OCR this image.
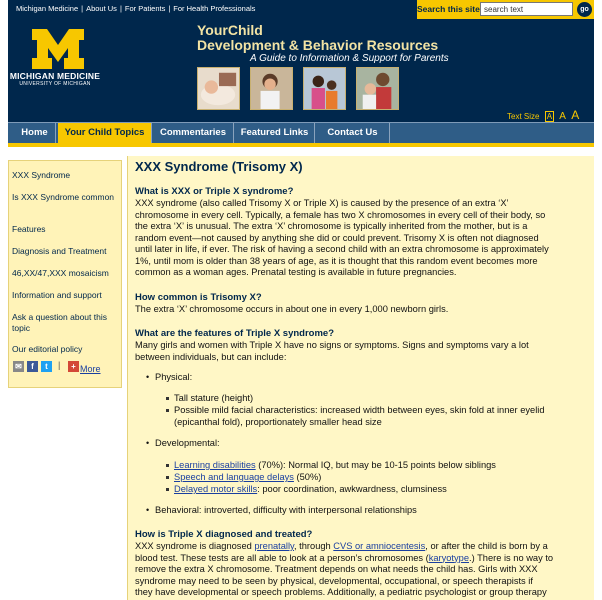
Michigan Medicine | About Us | For Patients | For Health Professionals	Search this site
search text	go
MICHIGAN MEDICINE
UNIVERSITY OF MICHIGAN
YourChild
Development & Behavior Resources
A Guide to Information & Support for Parents
Text Size A A A
Home	Your Child Topics	Commentaries	Featured Links	Contact Us
XXX Syndrome
Is XXX Syndrome common
Features
Diagnosis and Treatment
46,XX/47,XXX mosaicism
Information and support
Ask a question about this topic
Our editorial policy
✉	f	t	|	+ More
XXX Syndrome (Trisomy X)
What is XXX or Triple X syndrome?
XXX syndrome (also called Trisomy X or Triple X) is caused by the presence of an extra ‘X’
chromosome in every cell. Typically, a female has two X chromosomes in every cell of their body, so
the extra ‘X’ is unusual. The extra ‘X’ chromosome is typically inherited from the mother, but is a
random event—not caused by anything she did or could prevent. Trisomy X is often not diagnosed
until later in life, if ever. The risk of having a second child with an extra chromosome is approximately
1%, until mom is older than 38 years of age, as it is thought that this random event becomes more
common as a woman ages. Prenatal testing is available in future pregnancies.
How common is Trisomy X?
The extra ‘X’ chromosome occurs in about one in every 1,000 newborn girls.
What are the features of Triple X syndrome?
Many girls and women with Triple X have no signs or symptoms. Signs and symptoms vary a lot
between individuals, but can include:
• Physical:
Tall stature (height)
Possible mild facial characteristics: increased width between eyes, skin fold at inner eyelid
(epicanthal fold), proportionately smaller head size
• Developmental:
Learning disabilities (70%): Normal IQ, but may be 10-15 points below siblings
Speech and language delays (50%)
Delayed motor skills: poor coordination, awkwardness, clumsiness
• Behavioral: introverted, difficulty with interpersonal relationships
How is Triple X diagnosed and treated?
XXX syndrome is diagnosed prenatally, through CVS or amniocentesis, or after the child is born by a
blood test. These tests are all able to look at a person’s chromosomes (karyotype.) There is no way to
remove the extra X chromosome. Treatment depends on what needs the child has. Girls with XXX
syndrome may need to be seen by physical, developmental, occupational, or speech therapists if
they have developmental or speech problems. Additionally, a pediatric psychologist or group therapy
